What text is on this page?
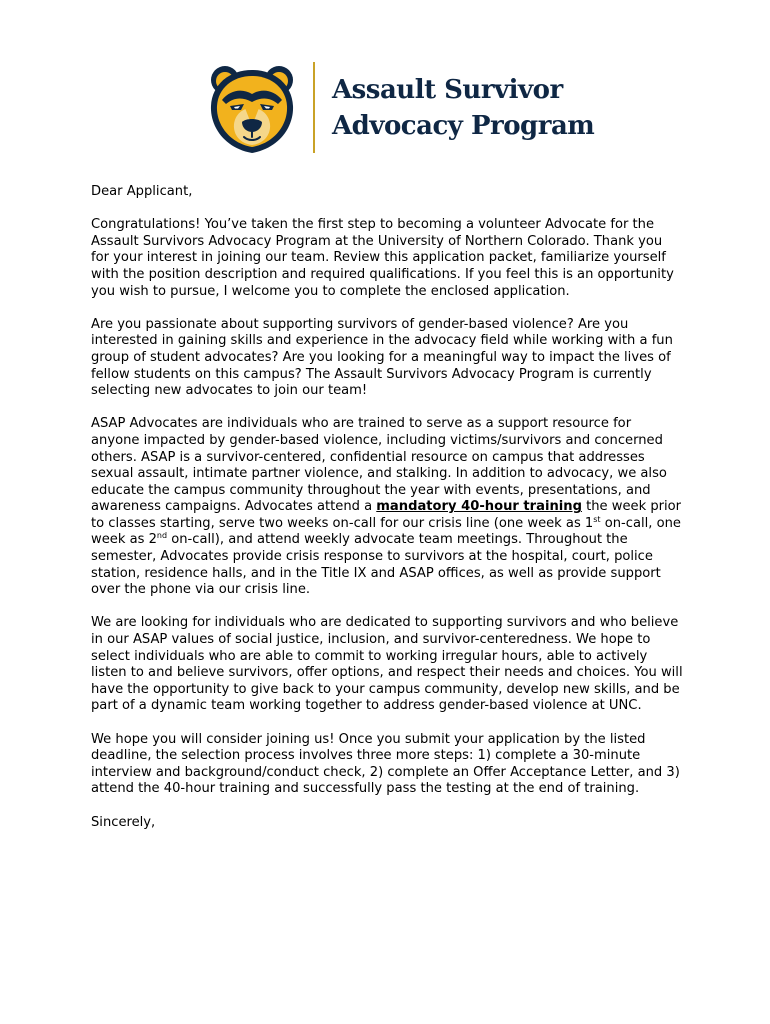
Assault Survivor
Advocacy Program

Dear Applicant,

Congratulations! You’ve taken the first step to becoming a volunteer Advocate for the Assault Survivors Advocacy Program at the University of Northern Colorado. Thank you for your interest in joining our team. Review this application packet, familiarize yourself with the position description and required qualifications. If you feel this is an opportunity you wish to pursue, I welcome you to complete the enclosed application.

Are you passionate about supporting survivors of gender-based violence? Are you interested in gaining skills and experience in the advocacy field while working with a fun group of student advocates? Are you looking for a meaningful way to impact the lives of fellow students on this campus? The Assault Survivors Advocacy Program is currently selecting new advocates to join our team!

ASAP Advocates are individuals who are trained to serve as a support resource for anyone impacted by gender-based violence, including victims/survivors and concerned others. ASAP is a survivor-centered, confidential resource on campus that addresses sexual assault, intimate partner violence, and stalking. In addition to advocacy, we also educate the campus community throughout the year with events, presentations, and awareness campaigns. Advocates attend a mandatory 40-hour training the week prior to classes starting, serve two weeks on-call for our crisis line (one week as 1st on-call, one week as 2nd on-call), and attend weekly advocate team meetings. Throughout the semester, Advocates provide crisis response to survivors at the hospital, court, police station, residence halls, and in the Title IX and ASAP offices, as well as provide support over the phone via our crisis line.

We are looking for individuals who are dedicated to supporting survivors and who believe in our ASAP values of social justice, inclusion, and survivor-centeredness. We hope to select individuals who are able to commit to working irregular hours, able to actively listen to and believe survivors, offer options, and respect their needs and choices. You will have the opportunity to give back to your campus community, develop new skills, and be part of a dynamic team working together to address gender-based violence at UNC.

We hope you will consider joining us! Once you submit your application by the listed deadline, the selection process involves three more steps: 1) complete a 30-minute interview and background/conduct check, 2) complete an Offer Acceptance Letter, and 3) attend the 40-hour training and successfully pass the testing at the end of training.

Sincerely,
